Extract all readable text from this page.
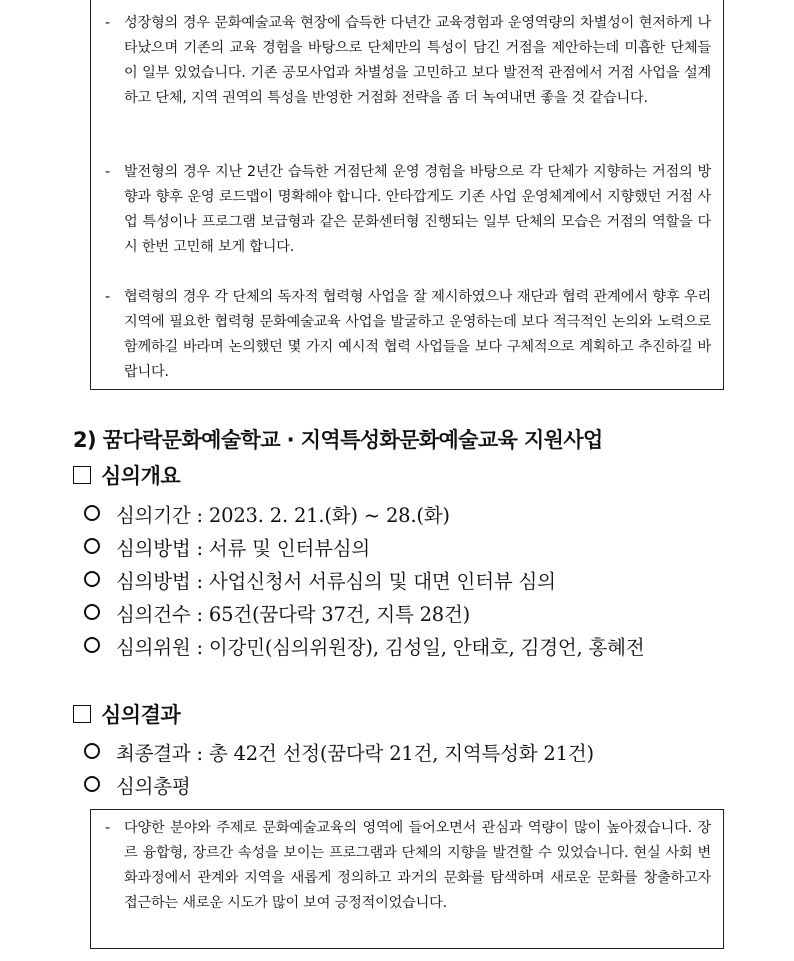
- 성장형의 경우 문화예술교육 현장에 습득한 다년간 교육경험과 운영역량의 차별성이 현저하게 나타났으며 기존의 교육 경험을 바탕으로 단체만의 특성이 담긴 거점을 제안하는데 미흡한 단체들이 일부 있었습니다. 기존 공모사업과 차별성을 고민하고 보다 발전적 관점에서 거점 사업을 설계하고 단체, 지역 권역의 특성을 반영한 거점화 전략을 좀 더 녹여내면 좋을 것 같습니다.
- 발전형의 경우 지난 2년간 습득한 거점단체 운영 경험을 바탕으로 각 단체가 지향하는 거점의 방향과 향후 운영 로드맵이 명확해야 합니다. 안타깝게도 기존 사업 운영체계에서 지향했던 거점 사업 특성이나 프로그램 보급형과 같은 문화센터형 진행되는 일부 단체의 모습은 거점의 역할을 다시 한번 고민해 보게 합니다.
- 협력형의 경우 각 단체의 독자적 협력형 사업을 잘 제시하였으나 재단과 협력 관계에서 향후 우리 지역에 필요한 협력형 문화예술교육 사업을 발굴하고 운영하는데 보다 적극적인 논의와 노력으로 함께하길 바라며 논의했던 몇 가지 예시적 협력 사업들을 보다 구체적으로 계획하고 추진하길 바랍니다.
2) 꿈다락문화예술학교 · 지역특성화문화예술교육 지원사업
심의개요
심의기간 : 2023. 2. 21.(화) ~ 28.(화)
심의방법 : 서류 및 인터뷰심의
심의방법 : 사업신청서 서류심의 및 대면 인터뷰 심의
심의건수 : 65건(꿈다락 37건, 지특 28건)
심의위원 : 이강민(심의위원장), 김성일, 안태호, 김경언, 홍혜전
심의결과
최종결과 : 총 42건 선정(꿈다락 21건, 지역특성화 21건)
심의총평
- 다양한 분야와 주제로 문화예술교육의 영역에 들어오면서 관심과 역량이 많이 높아졌습니다. 장르 융합형, 장르간 속성을 보이는 프로그램과 단체의 지향을 발견할 수 있었습니다. 현실 사회 변화과정에서 관계와 지역을 새롭게 정의하고 과거의 문화를 탐색하며 새로운 문화를 창출하고자 접근하는 새로운 시도가 많이 보여 긍정적이었습니다.
